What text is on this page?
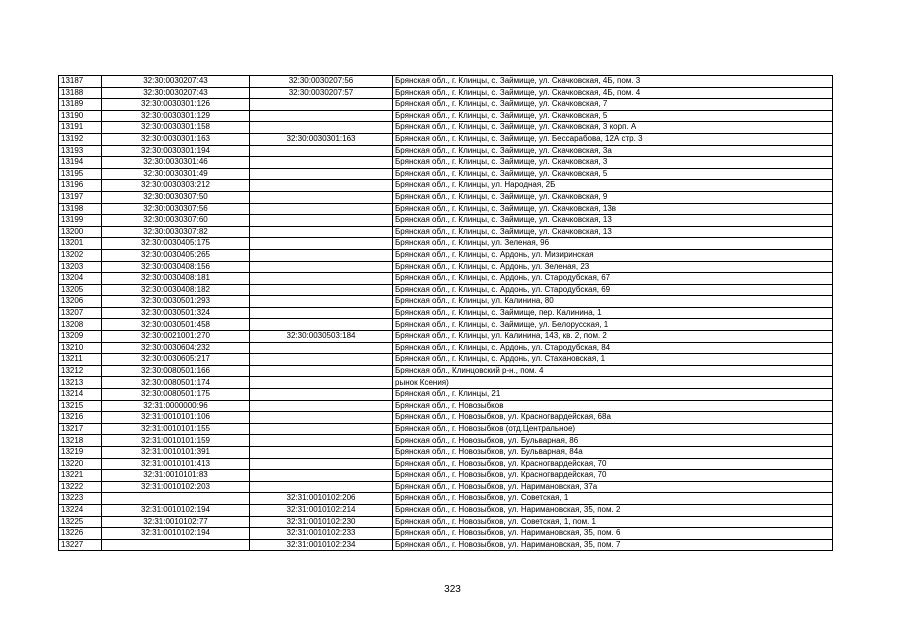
13187	32:30:0030207:43	32:30:0030207:56	Брянская обл., г. Клинцы, с. Займище, ул. Скачковская, 4Б, пом. 3
13188	32:30:0030207:43	32:30:0030207:57	Брянская обл., г. Клинцы, с. Займище, ул. Скачковская, 4Б, пом. 4
13189	32:30:0030301:126		Брянская обл., г. Клинцы, с. Займище, ул. Скачковская, 7
13190	32:30:0030301:129		Брянская обл., г. Клинцы, с. Займище, ул. Скачковская, 5
13191	32:30:0030301:158		Брянская обл., г. Клинцы, с. Займище, ул. Скачковская, 3 корп. А
13192	32:30:0030301:163	32:30:0030301:163	Брянская обл., г. Клинцы, с. Займище, ул. Бессарабова, 12А стр. 3
13193	32:30:0030301:194		Брянская обл., г. Клинцы, с. Займище, ул. Скачковская, 3а
13194	32:30:0030301:46		Брянская обл., г. Клинцы, с. Займище, ул. Скачковская, 3
13195	32:30:0030301:49		Брянская обл., г. Клинцы, с. Займище, ул. Скачковская, 5
13196	32:30:0030303:212		Брянская обл., г. Клинцы, ул. Народная, 2Б
13197	32:30:0030307:50		Брянская обл., г. Клинцы, с. Займище, ул. Скачковская, 9
13198	32:30:0030307:56		Брянская обл., г. Клинцы, с. Займище, ул. Скачковская, 13в
13199	32:30:0030307:60		Брянская обл., г. Клинцы, с. Займище, ул. Скачковская, 13
13200	32:30:0030307:82		Брянская обл., г. Клинцы, с. Займище, ул. Скачковская, 13
13201	32:30:0030405:175		Брянская обл., г. Клинцы, ул. Зеленая, 96
13202	32:30:0030405:265		Брянская обл., г. Клинцы, с. Ардонь, ул. Мизиринская
13203	32:30:0030408:156		Брянская обл., г. Клинцы, с. Ардонь, ул. Зеленая, 23
13204	32:30:0030408:181		Брянская обл., г. Клинцы, с. Ардонь, ул. Стародубская, 67
13205	32:30:0030408:182		Брянская обл., г. Клинцы, с. Ардонь, ул. Стародубская, 69
13206	32:30:0030501:293		Брянская обл., г. Клинцы, ул. Калинина, 80
13207	32:30:0030501:324		Брянская обл., г. Клинцы, с. Займище, пер. Калинина, 1
13208	32:30:0030501:458		Брянская обл., г. Клинцы, с. Займище, ул. Белорусская, 1
13209	32:30:0021001:270	32:30:0030503:184	Брянская обл., г. Клинцы, ул. Калинина, 143, кв. 2, пом. 2
13210	32:30:0030604:232		Брянская обл., г. Клинцы, с. Ардонь, ул. Стародубская, 84
13211	32:30:0030605:217		Брянская обл., г. Клинцы, с. Ардонь, ул. Стахановская, 1
13212	32:30:0080501:166		Брянская обл., Клинцовский р-н., пом. 4
13213	32:30:0080501:174		рынок Ксения)
13214	32:30:0080501:175		Брянская обл., г. Клинцы, 21
13215	32:31:0000000:96		Брянская обл., г. Новозыбков
13216	32:31:0010101:106		Брянская обл., г. Новозыбков, ул. Красногвардейская, 68а
13217	32:31:0010101:155		Брянская обл., г. Новозыбков (отд.Центральное)
13218	32:31:0010101:159		Брянская обл., г. Новозыбков, ул. Бульварная, 86
13219	32:31:0010101:391		Брянская обл., г. Новозыбков, ул. Бульварная, 84а
13220	32:31:0010101:413		Брянская обл., г. Новозыбков, ул. Красногвардейская, 70
13221	32:31:0010101:83		Брянская обл., г. Новозыбков, ул. Красногвардейская, 70
13222	32:31:0010102:203		Брянская обл., г. Новозыбков, ул. Наримановская, 37а
13223		32:31:0010102:206	Брянская обл., г. Новозыбков, ул. Советская, 1
13224	32:31:0010102:194	32:31:0010102:214	Брянская обл., г. Новозыбков, ул. Наримановская, 35, пом. 2
13225	32:31:0010102:77	32:31:0010102:230	Брянская обл., г. Новозыбков, ул. Советская, 1, пом. 1
13226	32:31:0010102:194	32:31:0010102:233	Брянская обл., г. Новозыбков, ул. Наримановская, 35, пом. 6
13227		32:31:0010102:234	Брянская обл., г. Новозыбков, ул. Наримановская, 35, пом. 7
323
